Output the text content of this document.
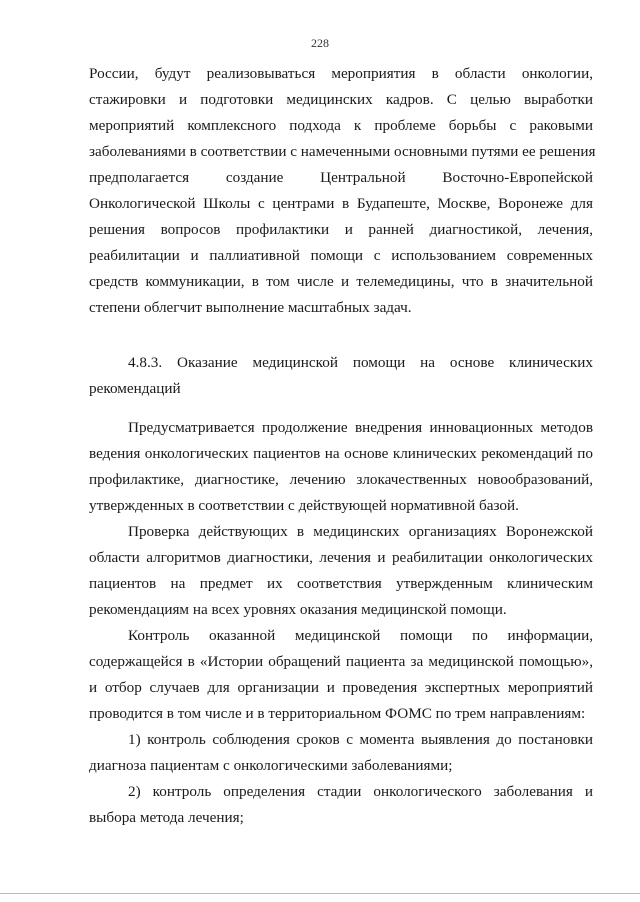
228
России, будут реализовываться мероприятия в области онкологии,
стажировки и подготовки медицинских кадров. С целью выработки
мероприятий комплексного подхода к проблеме борьбы с раковыми
заболеваниями в соответствии с намеченными основными путями ее решения
предполагается создание Центральной Восточно-Европейской
Онкологической Школы с центрами в Будапеште, Москве, Воронеже для
решения вопросов профилактики и ранней диагностикой, лечения,
реабилитации и паллиативной помощи с использованием современных
средств коммуникации, в том числе и телемедицины, что в значительной
степени облегчит выполнение масштабных задач.
4.8.3. Оказание медицинской помощи на основе клинических
рекомендаций
Предусматривается продолжение внедрения инновационных методов
ведения онкологических пациентов на основе клинических рекомендаций по
профилактике, диагностике, лечению злокачественных новообразований,
утвержденных в соответствии с действующей нормативной базой.
Проверка действующих в медицинских организациях Воронежской
области алгоритмов диагностики, лечения и реабилитации онкологических
пациентов на предмет их соответствия утвержденным клиническим
рекомендациям на всех уровнях оказания медицинской помощи.
Контроль оказанной медицинской помощи по информации,
содержащейся в «Истории обращений пациента за медицинской помощью»,
и отбор случаев для организации и проведения экспертных мероприятий
проводится в том числе и в территориальном ФОМС по трем направлениям:
1) контроль соблюдения сроков с момента выявления до постановки
диагноза пациентам с онкологическими заболеваниями;
2) контроль определения стадии онкологического заболевания и
выбора метода лечения;
